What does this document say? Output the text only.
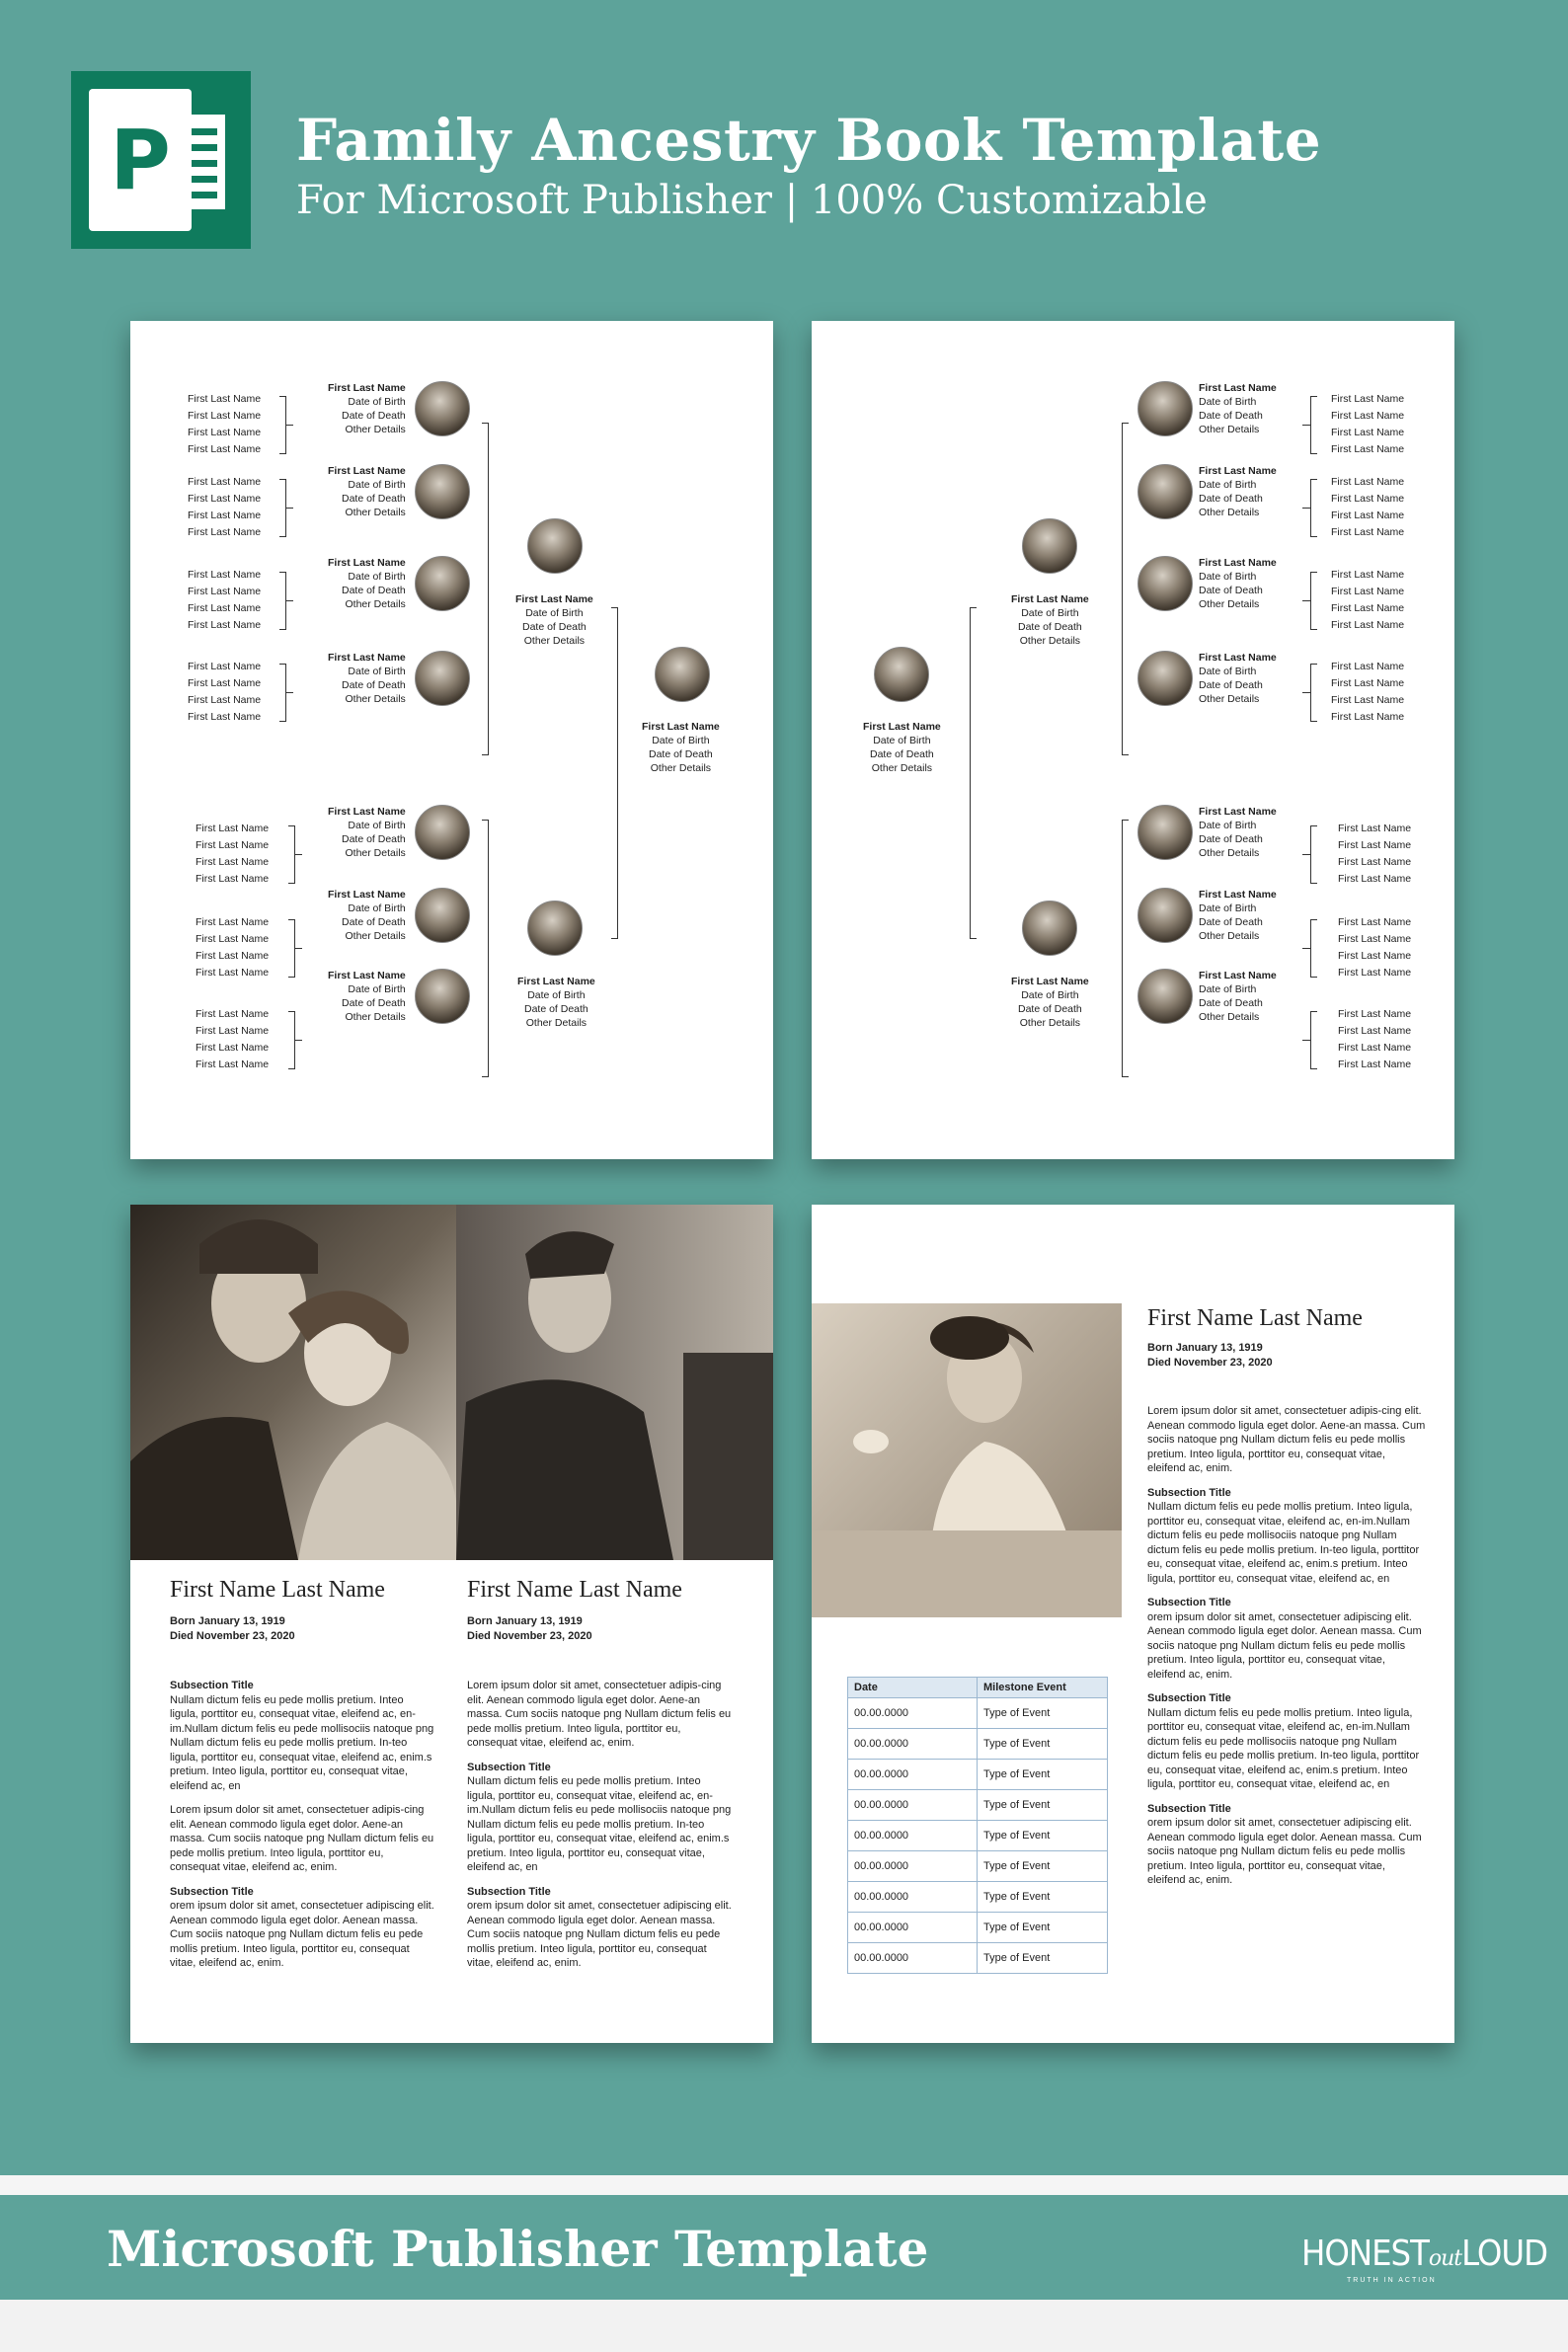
P	Family Ancestry Book Template
For Microsoft Publisher | 100% Customizable
First Last Name
First Last Name
First Last Name
First Last Name
First Last Name
Date of Birth
Date of Death
Other Details
First Last Name
First Last Name
First Last Name
First Last Name
First Last Name
Date of Birth
Date of Death
Other Details
First Last Name
First Last Name
First Last Name
First Last Name
First Last Name
Date of Birth
Date of Death
Other Details
First Last Name
First Last Name
First Last Name
First Last Name
First Last Name
Date of Birth
Date of Death
Other Details
First Last Name
First Last Name
First Last Name
First Last Name
First Last Name
Date of Birth
Date of Death
Other Details
First Last Name
First Last Name
First Last Name
First Last Name
First Last Name
Date of Birth
Date of Death
Other Details
First Last Name
First Last Name
First Last Name
First Last Name
First Last Name
Date of Birth
Date of Death
Other Details
First Last Name
Date of Birth
Date of Death
Other Details
First Last Name
Date of Birth
Date of Death
Other Details
First Last Name
Date of Birth
Date of Death
Other Details
First Last Name
Date of Birth
Date of Death
Other Details
First Last Name
First Last Name
First Last Name
First Last Name
First Last Name
Date of Birth
Date of Death
Other Details
First Last Name
First Last Name
First Last Name
First Last Name
First Last Name
Date of Birth
Date of Death
Other Details
First Last Name
First Last Name
First Last Name
First Last Name
First Last Name
Date of Birth
Date of Death
Other Details
First Last Name
First Last Name
First Last Name
First Last Name
First Last Name
Date of Birth
Date of Death
Other Details
First Last Name
First Last Name
First Last Name
First Last Name
First Last Name
Date of Birth
Date of Death
Other Details
First Last Name
First Last Name
First Last Name
First Last Name
First Last Name
Date of Birth
Date of Death
Other Details	First Last Name
First Last Name
First Last Name
First Last Name
First Last Name
Date of Birth
Date of Death
Other Details
First Last Name
Date of Birth
Date of Death
Other Details
First Last Name
Date of Birth
Date of Death
Other Details
First Name Last Name
Born January 13, 1919
Died November 23, 2020

Subsection Title
Nullam dictum felis eu pede mollis pretium. Inteo ligula, porttitor eu, consequat vitae, eleifend ac, en-im.Nullam dictum felis eu pede mollisociis natoque png Nullam dictum felis eu pede mollis pretium. In-teo ligula, porttitor eu, consequat vitae, eleifend ac, enim.s pretium. Inteo ligula, porttitor eu, consequat vitae, eleifend ac, en

Lorem ipsum dolor sit amet, consectetuer adipis-cing elit. Aenean commodo ligula eget dolor. Aene-an massa. Cum sociis natoque png Nullam dictum felis eu pede mollis pretium. Inteo ligula, porttitor eu, consequat vitae, eleifend ac, enim.

Subsection Title
orem ipsum dolor sit amet, consectetuer adipiscing elit. Aenean commodo ligula eget dolor. Aenean massa. Cum sociis natoque png Nullam dictum felis eu pede mollis pretium. Inteo ligula, porttitor eu, consequat vitae, eleifend ac, enim.

First Name Last Name
Born January 13, 1919
Died November 23, 2020

Lorem ipsum dolor sit amet, consectetuer adipis-cing elit. Aenean commodo ligula eget dolor. Aene-an massa. Cum sociis natoque png Nullam dictum felis eu pede mollis pretium. Inteo ligula, porttitor eu, consequat vitae, eleifend ac, enim.

Subsection Title
Nullam dictum felis eu pede mollis pretium. Inteo ligula, porttitor eu, consequat vitae, eleifend ac, en-im.Nullam dictum felis eu pede mollisociis natoque png Nullam dictum felis eu pede mollis pretium. In-teo ligula, porttitor eu, consequat vitae, eleifend ac, enim.s pretium. Inteo ligula, porttitor eu, consequat vitae, eleifend ac, en

Subsection Title
orem ipsum dolor sit amet, consectetuer adipiscing elit. Aenean commodo ligula eget dolor. Aenean massa. Cum sociis natoque png Nullam dictum felis eu pede mollis pretium. Inteo ligula, porttitor eu, consequat vitae, eleifend ac, enim.

First Name Last Name
Born January 13, 1919
Died November 23, 2020

Lorem ipsum dolor sit amet, consectetuer adipis-cing elit. Aenean commodo ligula eget dolor. Aene-an massa. Cum sociis natoque png Nullam dictum felis eu pede mollis pretium. Inteo ligula, porttitor eu, consequat vitae, eleifend ac, enim.

Subsection Title
Nullam dictum felis eu pede mollis pretium. Inteo ligula, porttitor eu, consequat vitae, eleifend ac, en-im.Nullam dictum felis eu pede mollisociis natoque png Nullam dictum felis eu pede mollis pretium. In-teo ligula, porttitor eu, consequat vitae, eleifend ac, enim.s pretium. Inteo ligula, porttitor eu, consequat vitae, eleifend ac, en

Subsection Title
orem ipsum dolor sit amet, consectetuer adipiscing elit. Aenean commodo ligula eget dolor. Aenean massa. Cum sociis natoque png Nullam dictum felis eu pede mollis pretium. Inteo ligula, porttitor eu, consequat vitae, eleifend ac, enim.

Subsection Title
Nullam dictum felis eu pede mollis pretium. Inteo ligula, porttitor eu, consequat vitae, eleifend ac, en-im.Nullam dictum felis eu pede mollisociis natoque png Nullam dictum felis eu pede mollis pretium. In-teo ligula, porttitor eu, consequat vitae, eleifend ac, enim.s pretium. Inteo ligula, porttitor eu, consequat vitae, eleifend ac, en

Subsection Title
orem ipsum dolor sit amet, consectetuer adipiscing elit. Aenean commodo ligula eget dolor. Aenean massa. Cum sociis natoque png Nullam dictum felis eu pede mollis pretium. Inteo ligula, porttitor eu, consequat vitae, eleifend ac, enim.

Date	Milestone Event
00.00.0000	Type of Event
00.00.0000	Type of Event
00.00.0000	Type of Event
00.00.0000	Type of Event
00.00.0000	Type of Event
00.00.0000	Type of Event
00.00.0000	Type of Event
00.00.0000	Type of Event
00.00.0000	Type of Event
Microsoft Publisher Template	HONESToutLOUD
TRUTH IN ACTION
